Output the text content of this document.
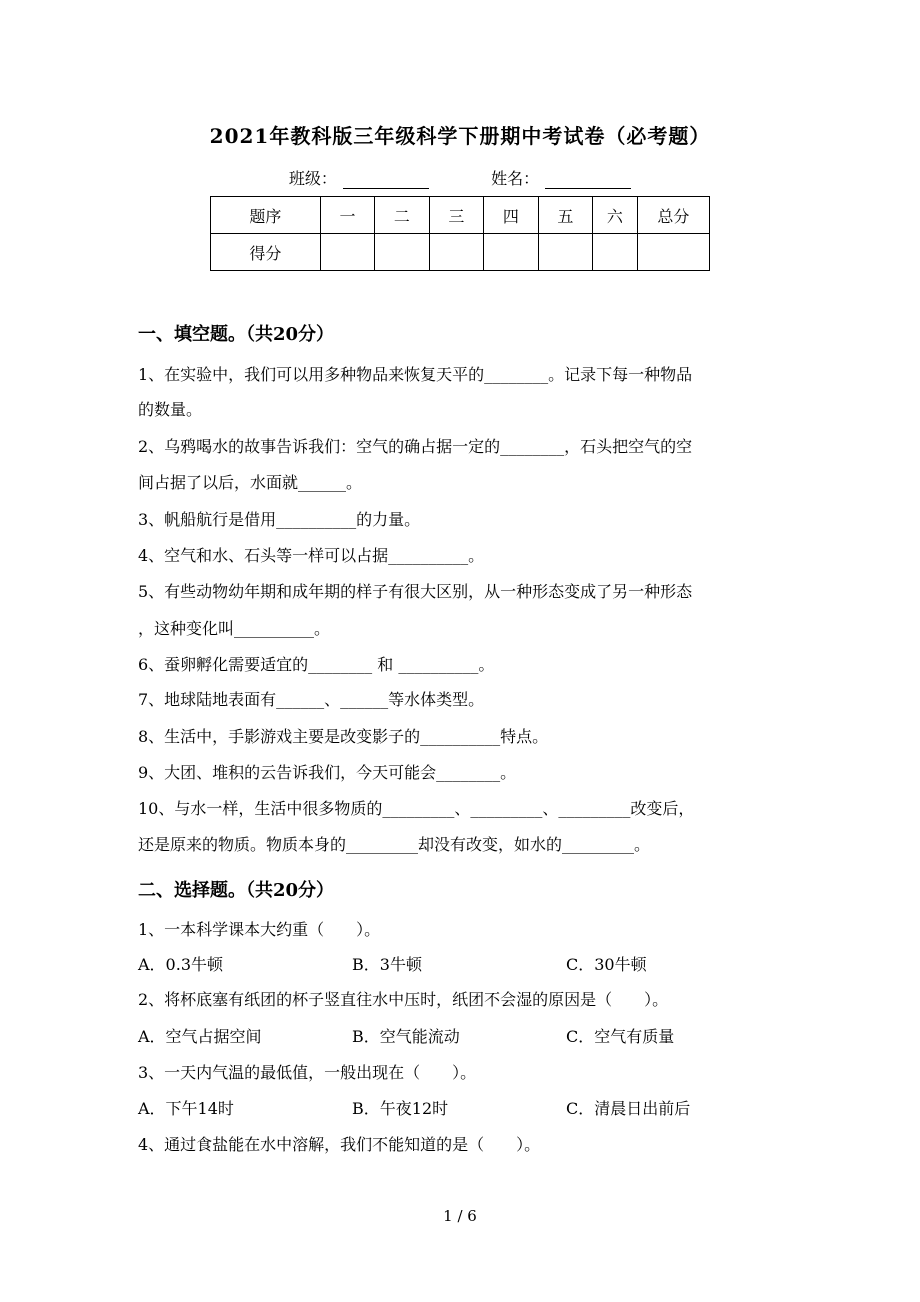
2021年教科版三年级科学下册期中考试卷（必考题）
班级：	姓名：
题序	一	二	三	四	五	六	总分
得分							
一、填空题。（共20分）
1、在实验中，我们可以用多种物品来恢复天平的________。记录下每一种物品
的数量。
2、乌鸦喝水的故事告诉我们：空气的确占据一定的________，石头把空气的空
间占据了以后，水面就______。
3、帆船航行是借用__________的力量。
4、空气和水、石头等一样可以占据__________。
5、有些动物幼年期和成年期的样子有很大区别，从一种形态变成了另一种形态
，这种变化叫__________。
6、蚕卵孵化需要适宜的________ 和 __________。
7、地球陆地表面有______、______等水体类型。
8、生活中，手影游戏主要是改变影子的__________特点。
9、大团、堆积的云告诉我们，今天可能会________。
10、与水一样，生活中很多物质的_________、_________、_________改变后，
还是原来的物质。物质本身的_________却没有改变，如水的_________。
二、选择题。（共20分）
1、一本科学课本大约重（　　）。
A．0.3牛顿	B．3牛顿	C．30牛顿
2、将杯底塞有纸团的杯子竖直往水中压时，纸团不会湿的原因是（　　）。
A．空气占据空间	B．空气能流动	C．空气有质量
3、一天内气温的最低值，一般出现在（　　）。
A．下午14时	B．午夜12时	C．清晨日出前后
4、通过食盐能在水中溶解，我们不能知道的是（　　）。
1 / 6
